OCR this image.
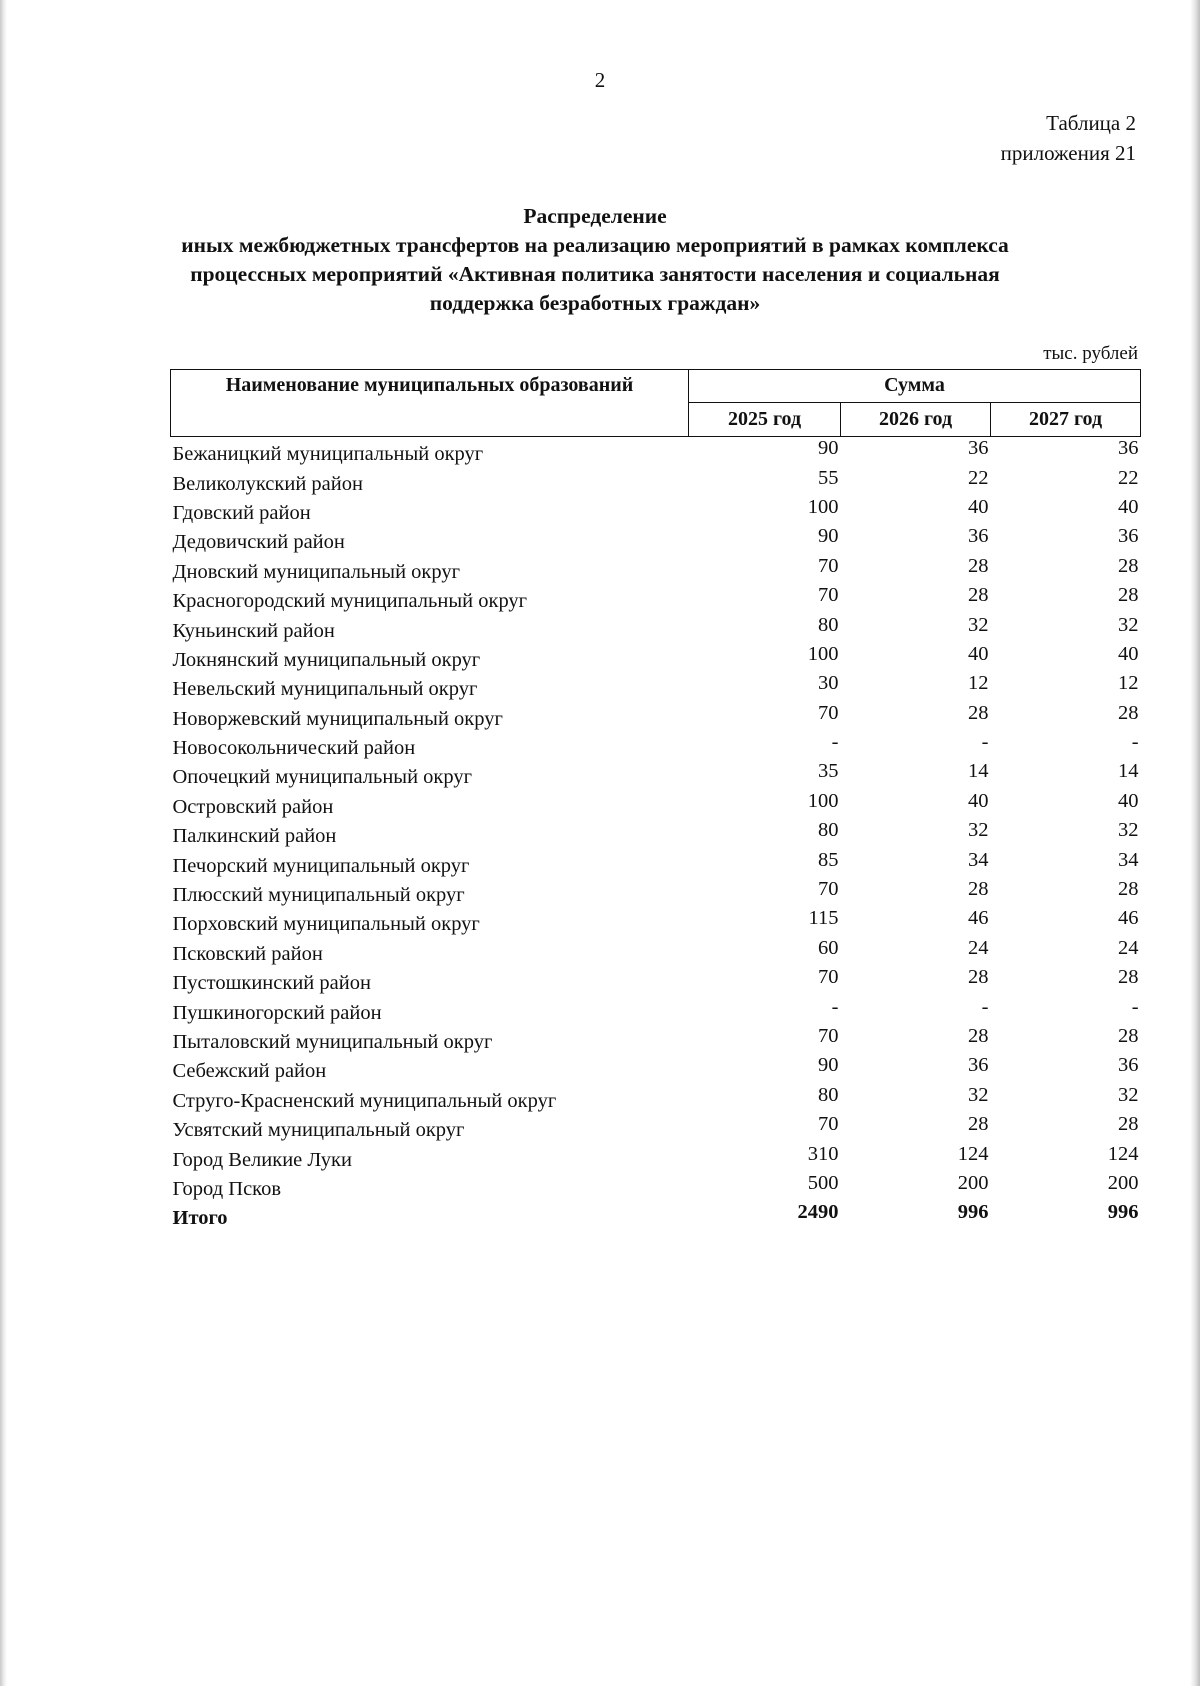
2
Таблица 2
приложения 21
Распределение
иных межбюджетных трансфертов на реализацию мероприятий в рамках комплекса
процессных мероприятий «Активная политика занятости населения и социальная
поддержка безработных граждан»
тыс. рублей
Наименование муниципальных образований	Сумма		
	2025 год	2026 год	2027 год
Бежаницкий муниципальный округ	90	36	36
Великолукский район	55	22	22
Гдовский район	100	40	40
Дедовичский район	90	36	36
Дновский муниципальный округ	70	28	28
Красногородский муниципальный округ	70	28	28
Куньинский район	80	32	32
Локнянский муниципальный округ	100	40	40
Невельский муниципальный округ	30	12	12
Новоржевский муниципальный округ	70	28	28
Новосокольнический район	-	-	-
Опочецкий муниципальный округ	35	14	14
Островский район	100	40	40
Палкинский район	80	32	32
Печорский муниципальный округ	85	34	34
Плюсский муниципальный округ	70	28	28
Порховский муниципальный округ	115	46	46
Псковский район	60	24	24
Пустошкинский район	70	28	28
Пушкиногорский район	-	-	-
Пыталовский муниципальный округ	70	28	28
Себежский район	90	36	36
Струго-Красненский муниципальный округ	80	32	32
Усвятский муниципальный округ	70	28	28
Город Великие Луки	310	124	124
Город Псков	500	200	200
Итого	2490	996	996
